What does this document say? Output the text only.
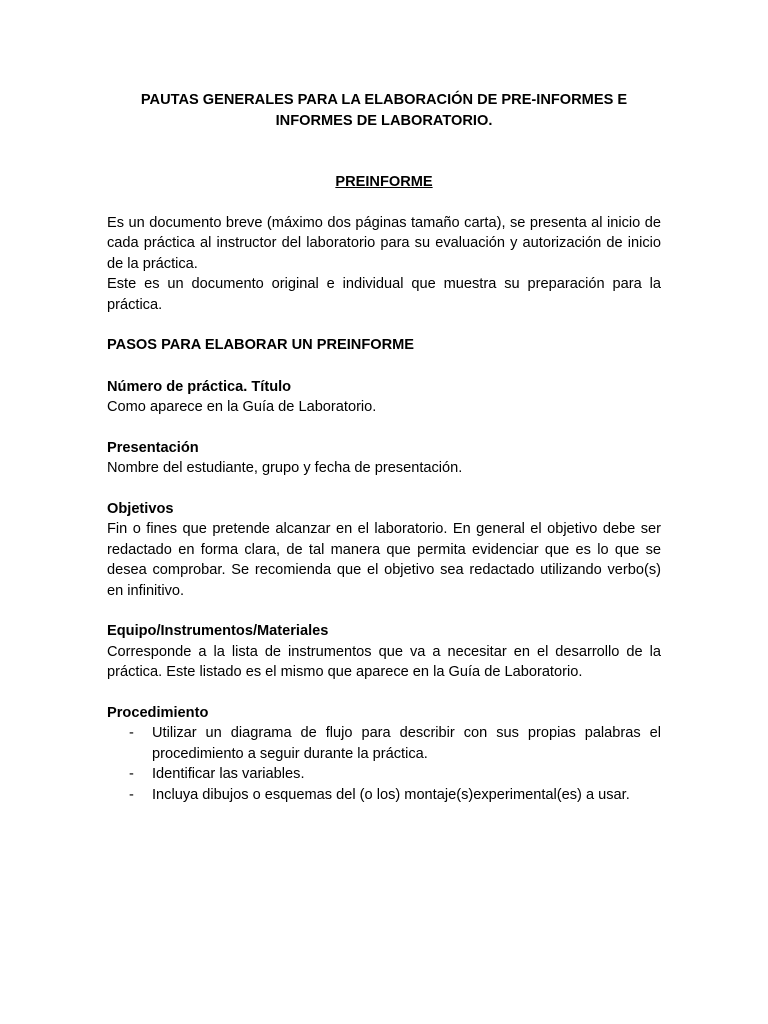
PAUTAS GENERALES PARA LA ELABORACIÓN DE PRE-INFORMES E INFORMES DE LABORATORIO.

PREINFORME

Es un documento breve (máximo dos páginas tamaño carta), se presenta al inicio de cada práctica al instructor del laboratorio para su evaluación y autorización de inicio de la práctica.

Este es un documento original e individual que muestra su preparación para la práctica.

PASOS PARA ELABORAR UN PREINFORME

Número de práctica. Título

Como aparece en la Guía de Laboratorio.

Presentación

Nombre del estudiante, grupo y fecha de presentación.

Objetivos

Fin o fines que pretende alcanzar en el laboratorio. En general el objetivo debe ser redactado en forma clara, de tal manera que permita evidenciar que es lo que se desea comprobar. Se recomienda que el objetivo sea redactado utilizando verbo(s) en infinitivo.

Equipo/Instrumentos/Materiales

Corresponde a la lista de instrumentos que va a necesitar en el desarrollo de la práctica. Este listado es el mismo que aparece en la Guía de Laboratorio.

Procedimiento

- Utilizar un diagrama de flujo para describir con sus propias palabras el procedimiento a seguir durante la práctica.
- Identificar las variables.
- Incluya dibujos o esquemas del (o los) montaje(s)experimental(es) a usar.
